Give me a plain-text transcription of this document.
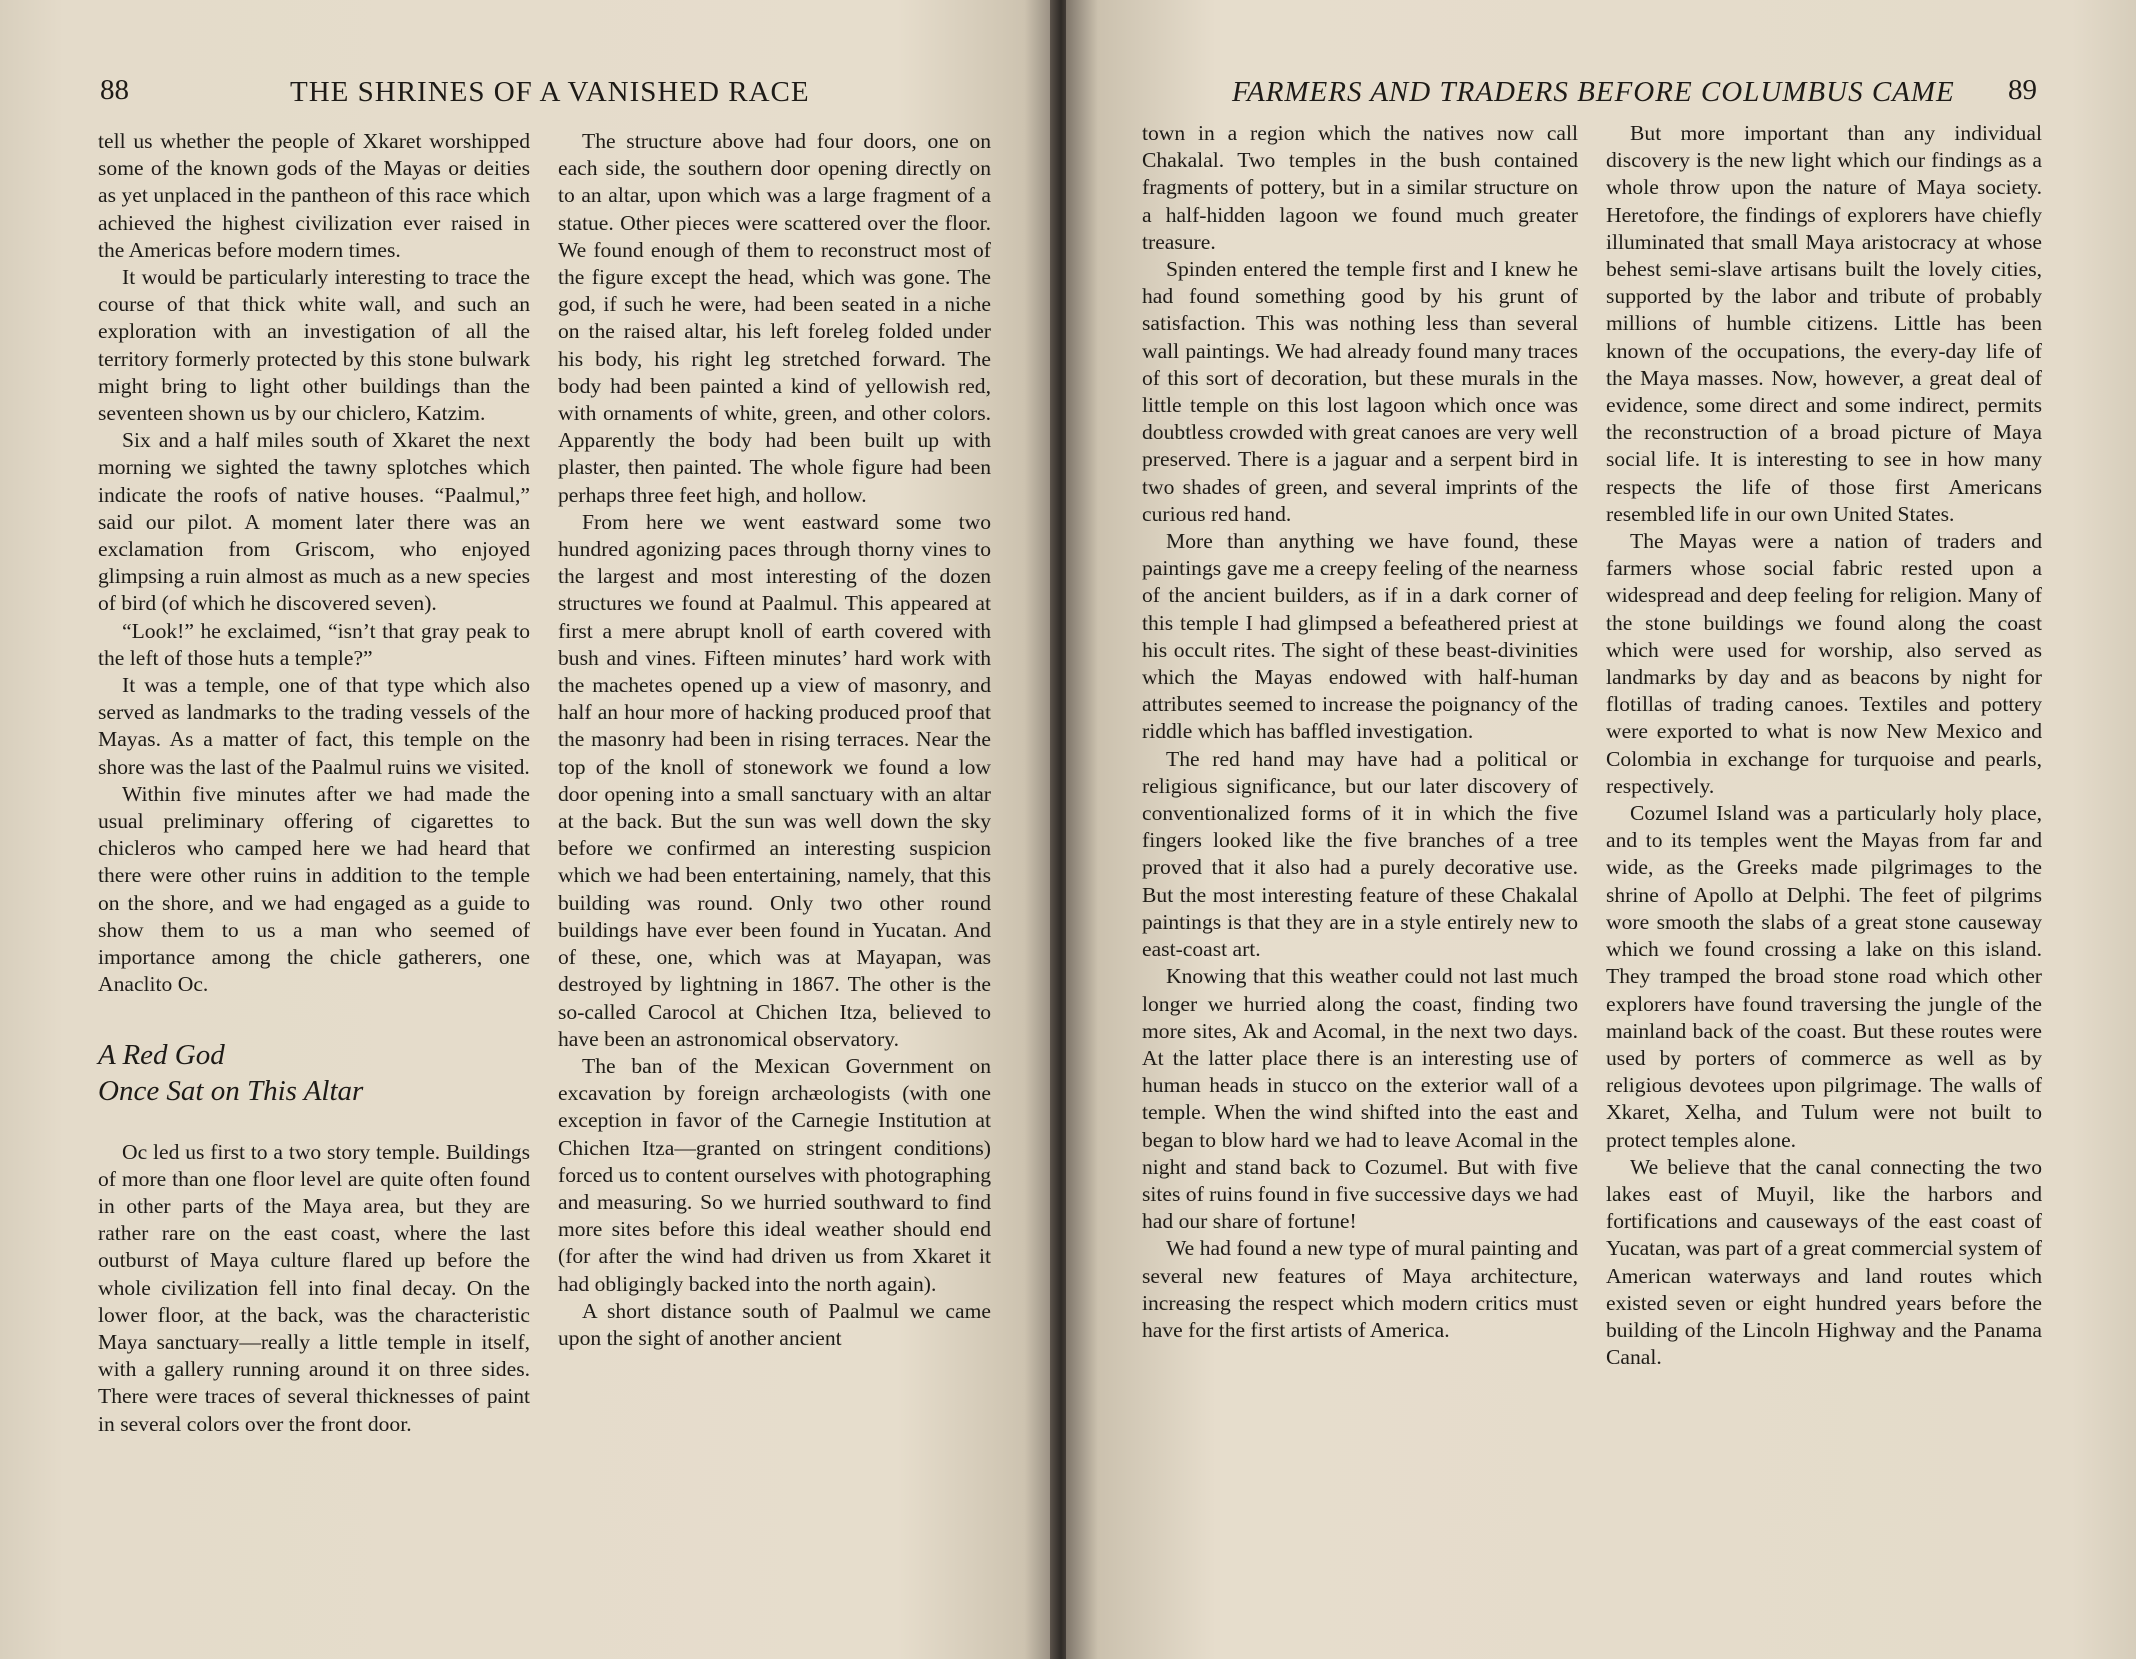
88	THE SHRINES OF A VANISHED RACE

tell us whether the people of Xkaret worshipped some of the known gods of the Mayas or deities as yet unplaced in the pantheon of this race which achieved the highest civilization ever raised in the Americas before modern times.

It would be particularly interesting to trace the course of that thick white wall, and such an exploration with an investigation of all the territory formerly protected by this stone bulwark might bring to light other buildings than the seventeen shown us by our chiclero, Katzim.

Six and a half miles south of Xkaret the next morning we sighted the tawny splotches which indicate the roofs of native houses. “Paalmul,” said our pilot. A moment later there was an exclamation from Griscom, who enjoyed glimpsing a ruin almost as much as a new species of bird (of which he discovered seven).

“Look!” he exclaimed, “isn’t that gray peak to the left of those huts a temple?”

It was a temple, one of that type which also served as landmarks to the trading vessels of the Mayas. As a matter of fact, this temple on the shore was the last of the Paalmul ruins we visited.

Within five minutes after we had made the usual preliminary offering of cigarettes to chicleros who camped here we had heard that there were other ruins in addition to the temple on the shore, and we had engaged as a guide to show them to us a man who seemed of importance among the chicle gatherers, one Anaclito Oc.

A Red God
Once Sat on This Altar

Oc led us first to a two story temple. Buildings of more than one floor level are quite often found in other parts of the Maya area, but they are rather rare on the east coast, where the last outburst of Maya culture flared up before the whole civilization fell into final decay. On the lower floor, at the back, was the characteristic Maya sanctuary—really a little temple in itself, with a gallery running around it on three sides. There were traces of several thicknesses of paint in several colors over the front door.

The structure above had four doors, one on each side, the southern door opening directly on to an altar, upon which was a large fragment of a statue. Other pieces were scattered over the floor. We found enough of them to reconstruct most of the figure except the head, which was gone. The god, if such he were, had been seated in a niche on the raised altar, his left foreleg folded under his body, his right leg stretched forward. The body had been painted a kind of yellowish red, with ornaments of white, green, and other colors. Apparently the body had been built up with plaster, then painted. The whole figure had been perhaps three feet high, and hollow.

From here we went eastward some two hundred agonizing paces through thorny vines to the largest and most interesting of the dozen structures we found at Paalmul. This appeared at first a mere abrupt knoll of earth covered with bush and vines. Fifteen minutes’ hard work with the machetes opened up a view of masonry, and half an hour more of hacking produced proof that the masonry had been in rising terraces. Near the top of the knoll of stonework we found a low door opening into a small sanctuary with an altar at the back. But the sun was well down the sky before we confirmed an interesting suspicion which we had been entertaining, namely, that this building was round. Only two other round buildings have ever been found in Yucatan. And of these, one, which was at Mayapan, was destroyed by lightning in 1867. The other is the so-called Carocol at Chichen Itza, believed to have been an astronomical observatory.

The ban of the Mexican Government on excavation by foreign archæologists (with one exception in favor of the Carnegie Institution at Chichen Itza—granted on stringent conditions) forced us to content ourselves with photographing and measuring. So we hurried southward to find more sites before this ideal weather should end (for after the wind had driven us from Xkaret it had obligingly backed into the north again).

A short distance south of Paalmul we came upon the sight of another ancient

FARMERS AND TRADERS BEFORE COLUMBUS CAME 89

town in a region which the natives now call Chakalal. Two temples in the bush contained fragments of pottery, but in a similar structure on a half-hidden lagoon we found much greater treasure.

Spinden entered the temple first and I knew he had found something good by his grunt of satisfaction. This was nothing less than several wall paintings. We had already found many traces of this sort of decoration, but these murals in the little temple on this lost lagoon which once was doubtless crowded with great canoes are very well preserved. There is a jaguar and a serpent bird in two shades of green, and several imprints of the curious red hand.

More than anything we have found, these paintings gave me a creepy feeling of the nearness of the ancient builders, as if in a dark corner of this temple I had glimpsed a befeathered priest at his occult rites. The sight of these beast-divinities which the Mayas endowed with half-human attributes seemed to increase the poignancy of the riddle which has baffled investigation.

The red hand may have had a political or religious significance, but our later discovery of conventionalized forms of it in which the five fingers looked like the five branches of a tree proved that it also had a purely decorative use. But the most interesting feature of these Chakalal paintings is that they are in a style entirely new to east-coast art.

Knowing that this weather could not last much longer we hurried along the coast, finding two more sites, Ak and Acomal, in the next two days. At the latter place there is an interesting use of human heads in stucco on the exterior wall of a temple. When the wind shifted into the east and began to blow hard we had to leave Acomal in the night and stand back to Cozumel. But with five sites of ruins found in five successive days we had had our share of fortune!

We had found a new type of mural painting and several new features of Maya architecture, increasing the respect which modern critics must have for the first artists of America.

But more important than any individual discovery is the new light which our findings as a whole throw upon the nature of Maya society. Heretofore, the findings of explorers have chiefly illuminated that small Maya aristocracy at whose behest semi-slave artisans built the lovely cities, supported by the labor and tribute of probably millions of humble citizens. Little has been known of the occupations, the every-day life of the Maya masses. Now, however, a great deal of evidence, some direct and some indirect, permits the reconstruction of a broad picture of Maya social life. It is interesting to see in how many respects the life of those first Americans resembled life in our own United States.

The Mayas were a nation of traders and farmers whose social fabric rested upon a widespread and deep feeling for religion. Many of the stone buildings we found along the coast which were used for worship, also served as landmarks by day and as beacons by night for flotillas of trading canoes. Textiles and pottery were exported to what is now New Mexico and Colombia in exchange for turquoise and pearls, respectively.

Cozumel Island was a particularly holy place, and to its temples went the Mayas from far and wide, as the Greeks made pilgrimages to the shrine of Apollo at Delphi. The feet of pilgrims wore smooth the slabs of a great stone causeway which we found crossing a lake on this island. They tramped the broad stone road which other explorers have found traversing the jungle of the mainland back of the coast. But these routes were used by porters of commerce as well as by religious devotees upon pilgrimage. The walls of Xkaret, Xelha, and Tulum were not built to protect temples alone.

We believe that the canal connecting the two lakes east of Muyil, like the harbors and fortifications and causeways of the east coast of Yucatan, was part of a great commercial system of American waterways and land routes which existed seven or eight hundred years before the building of the Lincoln Highway and the Panama Canal.
